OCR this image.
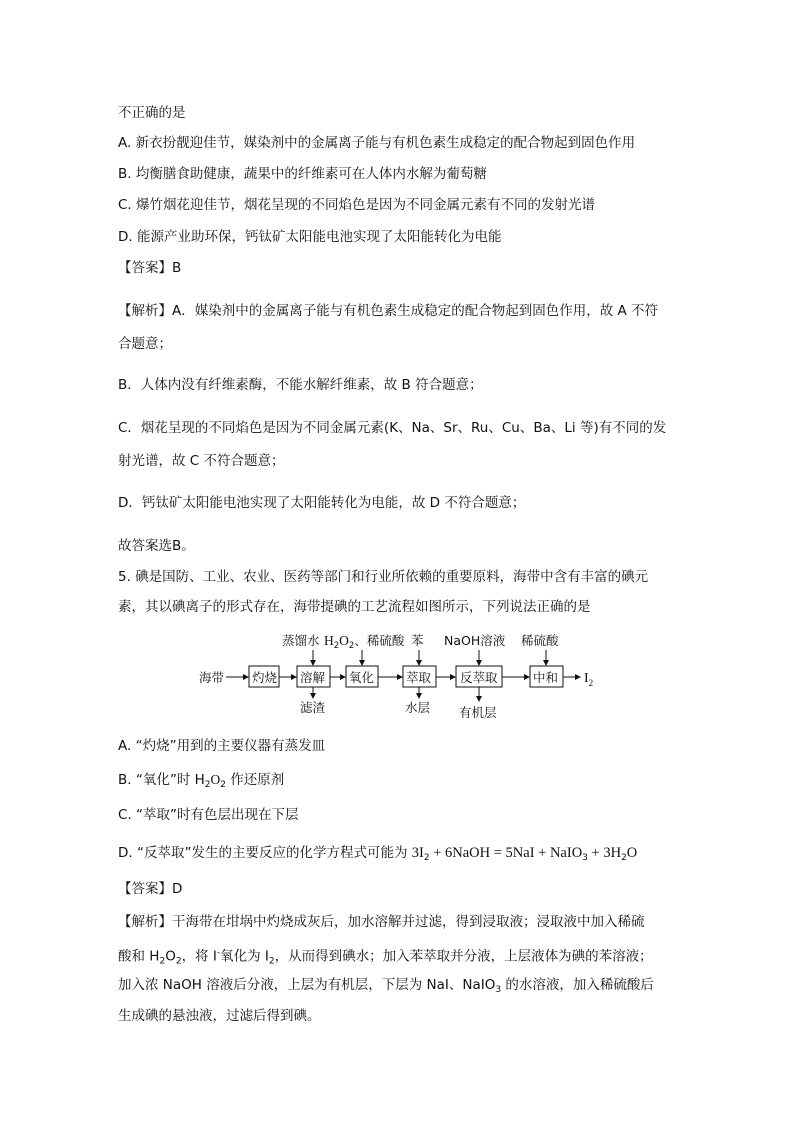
不正确的是
A. 新衣扮靓迎佳节，媒染剂中的金属离子能与有机色素生成稳定的配合物起到固色作用
B. 均衡膳食助健康，蔬果中的纤维素可在人体内水解为葡萄糖
C. 爆竹烟花迎佳节，烟花呈现的不同焰色是因为不同金属元素有不同的发射光谱
D. 能源产业助环保，钙钛矿太阳能电池实现了太阳能转化为电能
【答案】B
【解析】A．媒染剂中的金属离子能与有机色素生成稳定的配合物起到固色作用，故 A 不符
合题意；
B．人体内没有纤维素酶，不能水解纤维素，故 B 符合题意；
C．烟花呈现的不同焰色是因为不同金属元素(K、Na、Sr、Ru、Cu、Ba、Li 等)有不同的发
射光谱，故 C 不符合题意；
D．钙钛矿太阳能电池实现了太阳能转化为电能，故 D 不符合题意；
故答案选B。
5. 碘是国防、工业、农业、医药等部门和行业所依赖的重要原料，海带中含有丰富的碘元
素，其以碘离子的形式存在，海带提碘的工艺流程如图所示，下列说法正确的是
海带 灼烧 溶解 氧化	萃取 反萃取	中和 $I_2$
蒸馏水 $H_2O_2$、稀硫酸 苯 NaOH溶液 稀硫酸
滤渣	水层 有机层
A. “灼烧”用到的主要仪器有蒸发皿
B. “氧化”时 $H_2O_2$ 作还原剂
C. “萃取”时有色层出现在下层
D. “反萃取”发生的主要反应的化学方程式可能为 $3I_2$ + 6NaOH = 5NaI + NaIO$_3$ + $3H_2O$
【答案】D
【解析】干海带在坩埚中灼烧成灰后，加水溶解并过滤，得到浸取液；浸取液中加入稀硫
酸和 $H_2O_2$，将 I-氧化为 $I_2$，从而得到碘水；加入苯萃取并分液，上层液体为碘的苯溶液；
加入浓 NaOH 溶液后分液，上层为有机层，下层为 NaI、NaIO$_3$ 的水溶液，加入稀硫酸后
生成碘的悬浊液，过滤后得到碘。
